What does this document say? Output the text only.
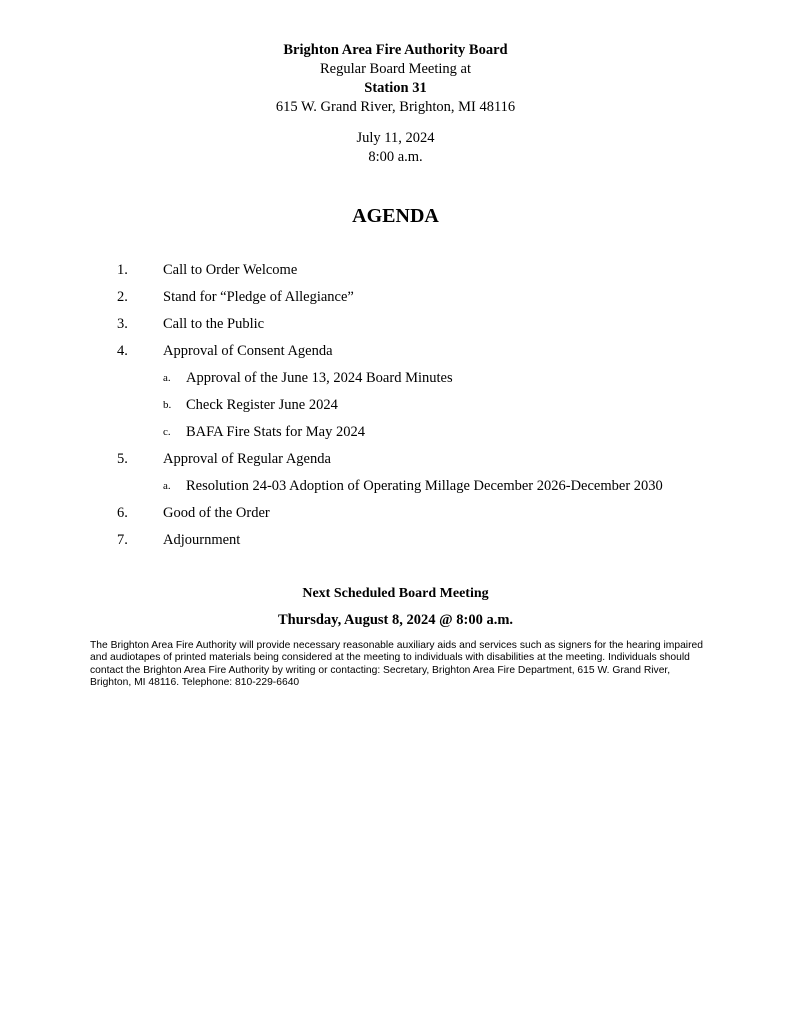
Brighton Area Fire Authority Board
Regular Board Meeting at
Station 31
615 W. Grand River, Brighton, MI 48116
July 11, 2024
8:00 a.m.
AGENDA
1. Call to Order Welcome
2. Stand for “Pledge of Allegiance”
3. Call to the Public
4. Approval of Consent Agenda
a. Approval of the June 13, 2024 Board Minutes
b. Check Register June 2024
c. BAFA Fire Stats for May 2024
5. Approval of Regular Agenda
a. Resolution 24-03 Adoption of Operating Millage December 2026-December 2030
6. Good of the Order
7. Adjournment
Next Scheduled Board Meeting
Thursday, August 8, 2024 @ 8:00 a.m.
The Brighton Area Fire Authority will provide necessary reasonable auxiliary aids and services such as signers for the hearing impaired and audiotapes of printed materials being considered at the meeting to individuals with disabilities at the meeting. Individuals should contact the Brighton Area Fire Authority by writing or contacting: Secretary, Brighton Area Fire Department, 615 W. Grand River, Brighton, MI 48116. Telephone: 810-229-6640
